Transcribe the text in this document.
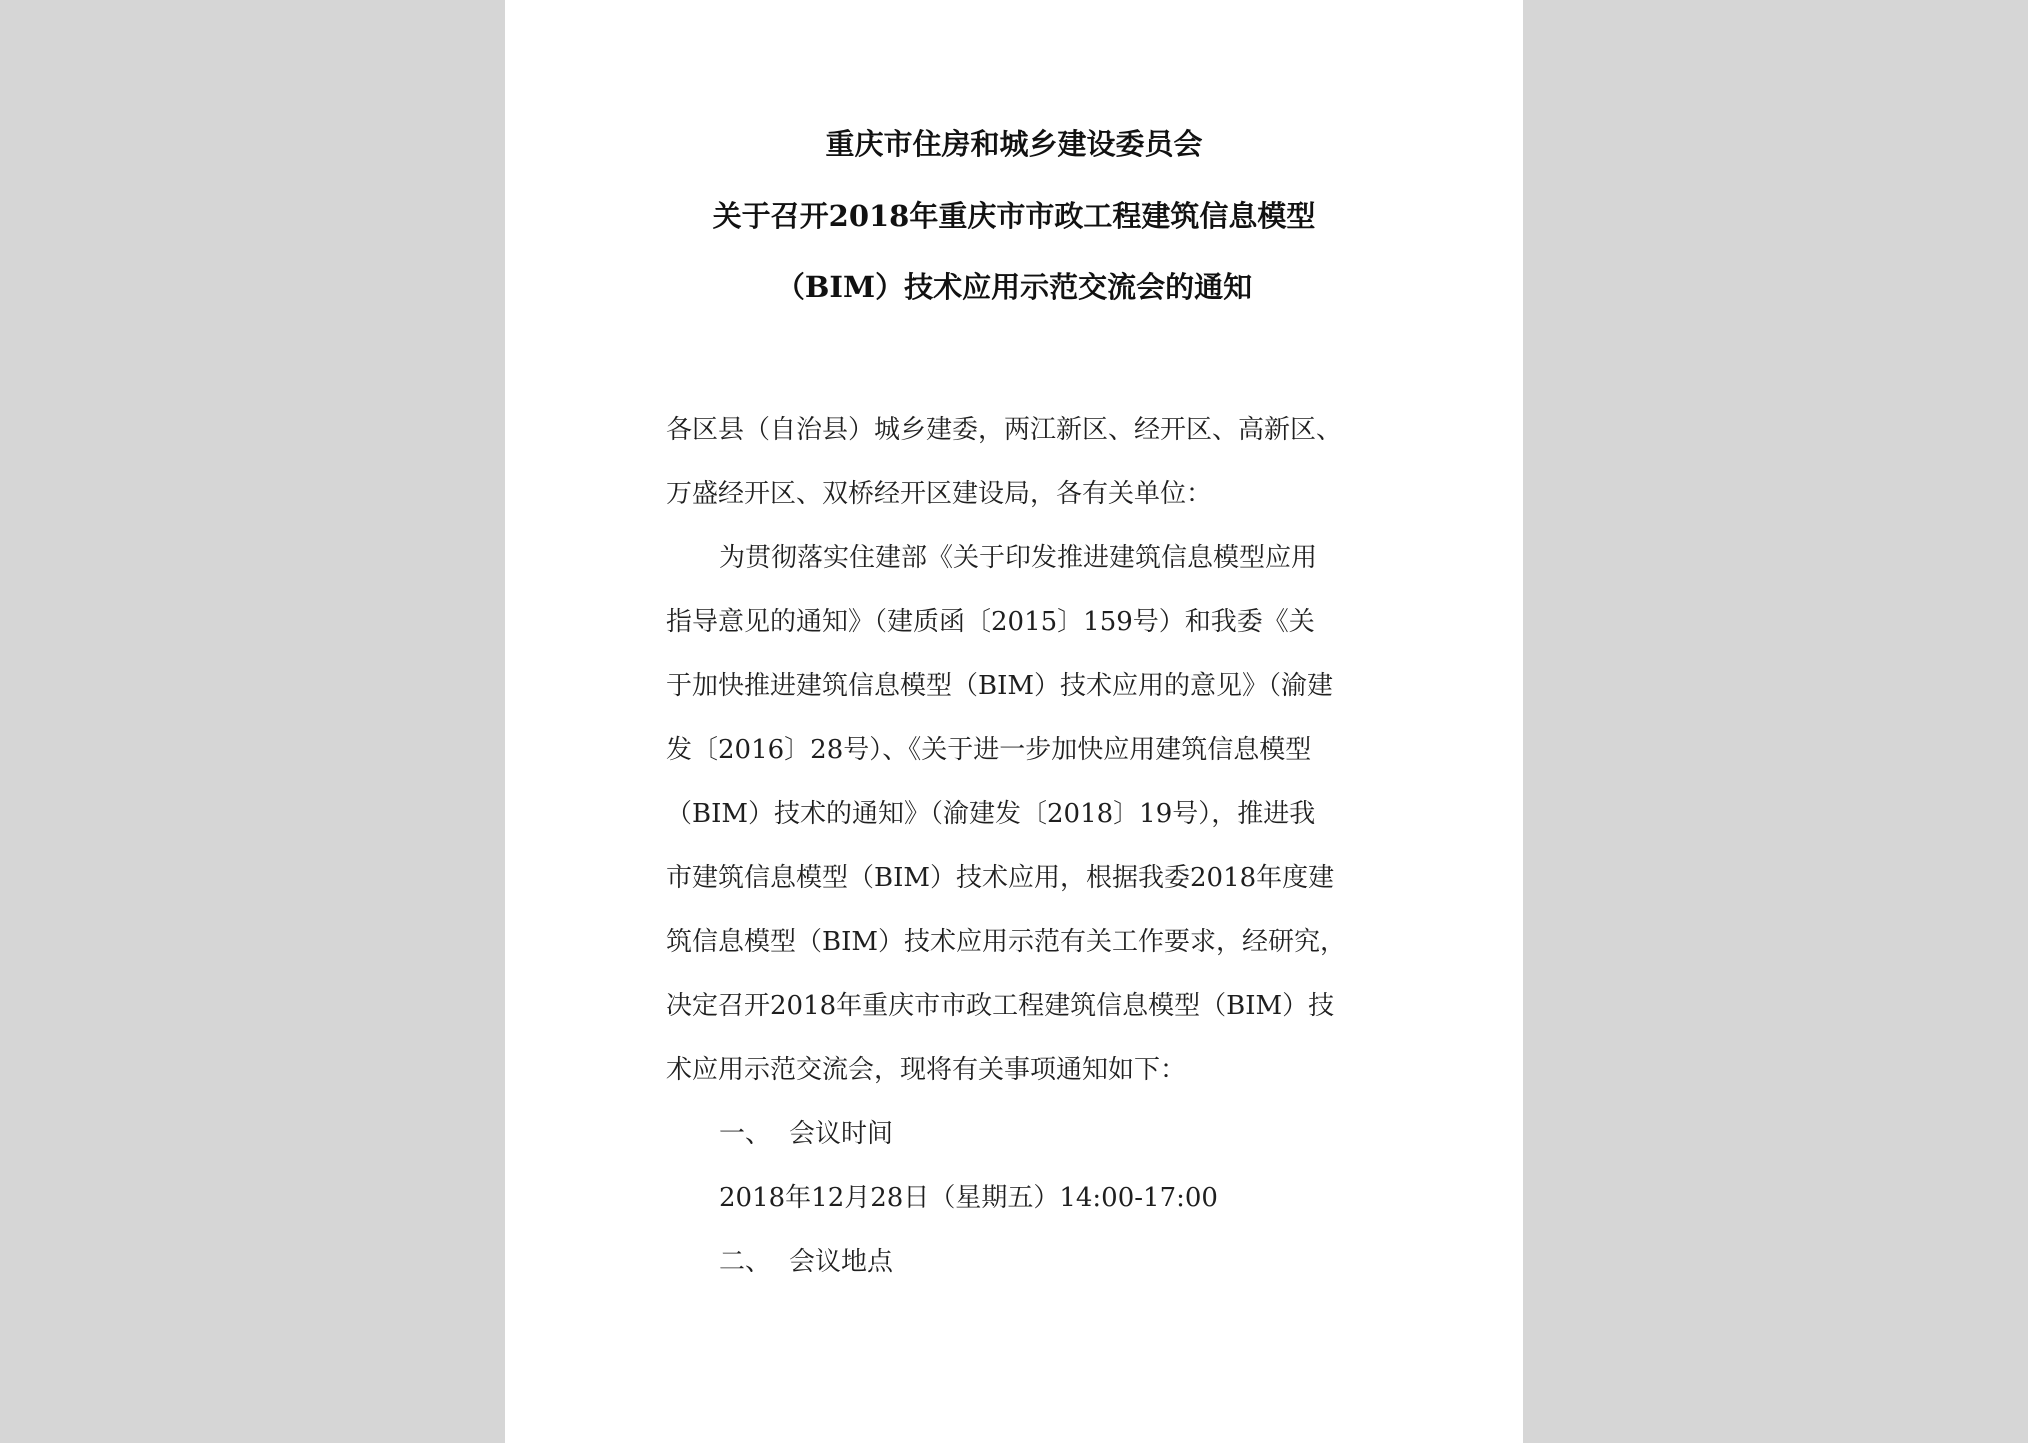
重庆市住房和城乡建设委员会
关于召开2018年重庆市市政工程建筑信息模型
（BIM）技术应用示范交流会的通知
各区县（自治县）城乡建委，两江新区、经开区、高新区、
万盛经开区、双桥经开区建设局，各有关单位：
为贯彻落实住建部《关于印发推进建筑信息模型应用
指导意见的通知》（建质函〔2015〕159号）和我委《关
于加快推进建筑信息模型（BIM）技术应用的意见》（渝建
发〔2016〕28号）、《关于进一步加快应用建筑信息模型
（BIM）技术的通知》（渝建发〔2018〕19号），推进我
市建筑信息模型（BIM）技术应用，根据我委2018年度建
筑信息模型（BIM）技术应用示范有关工作要求，经研究，
决定召开2018年重庆市市政工程建筑信息模型（BIM）技
术应用示范交流会，现将有关事项通知如下：
一、 会议时间
2018年12月28日（星期五）14:00-17:00
二、 会议地点
